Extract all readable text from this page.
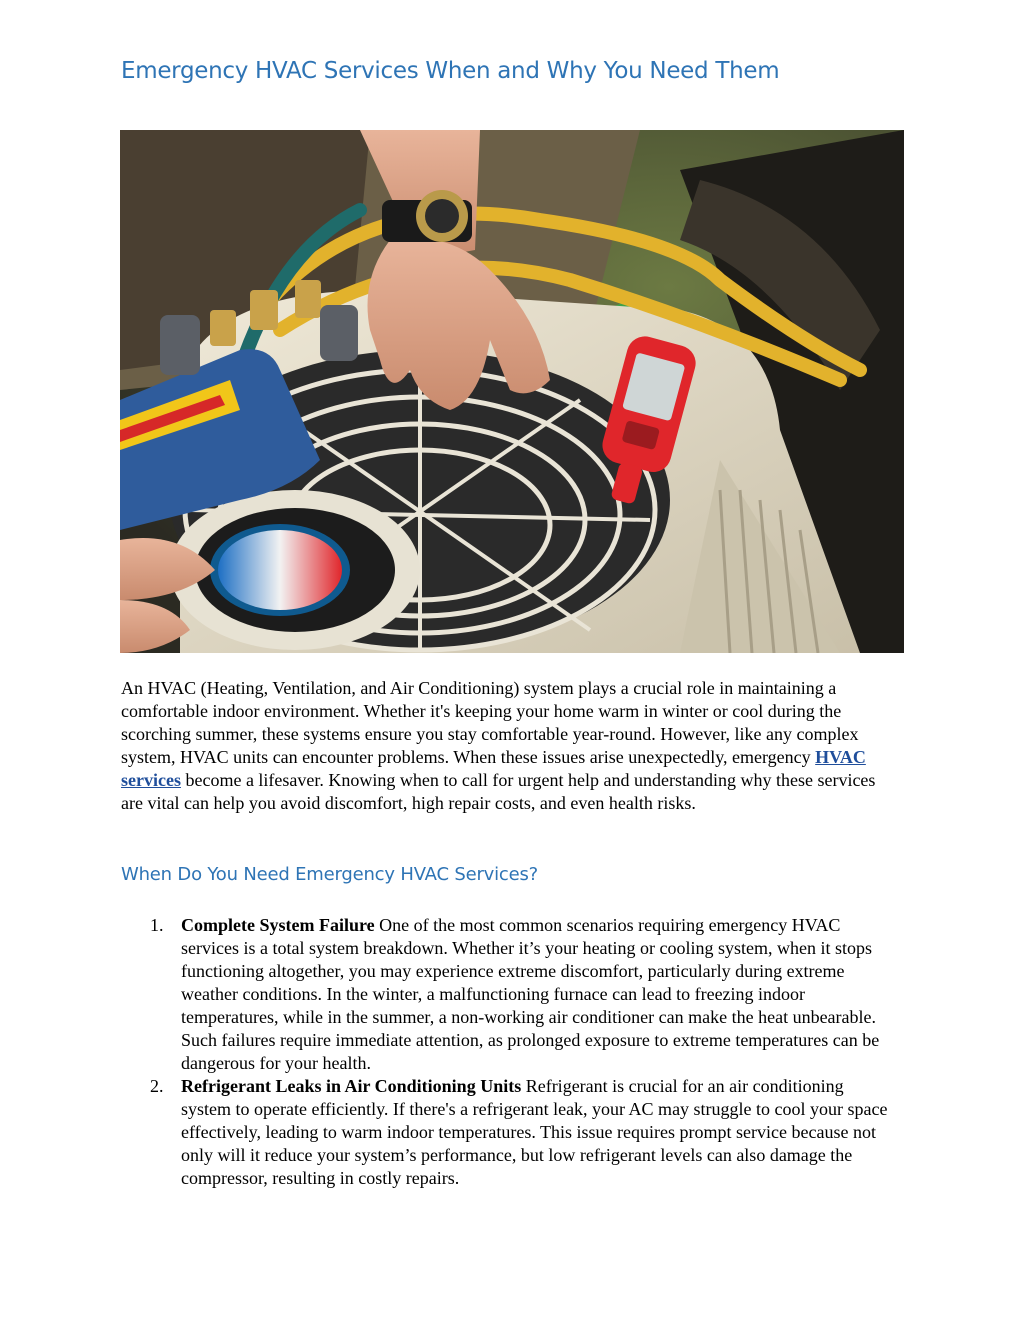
Emergency HVAC Services When and Why You Need Them

An HVAC (Heating, Ventilation, and Air Conditioning) system plays a crucial role in maintaining a comfortable indoor environment. Whether it's keeping your home warm in winter or cool during the scorching summer, these systems ensure you stay comfortable year-round. However, like any complex system, HVAC units can encounter problems. When these issues arise unexpectedly, emergency HVAC services become a lifesaver. Knowing when to call for urgent help and understanding why these services are vital can help you avoid discomfort, high repair costs, and even health risks.

When Do You Need Emergency HVAC Services?
1. Complete System Failure One of the most common scenarios requiring emergency HVAC services is a total system breakdown. Whether it’s your heating or cooling system, when it stops functioning altogether, you may experience extreme discomfort, particularly during extreme weather conditions. In the winter, a malfunctioning furnace can lead to freezing indoor temperatures, while in the summer, a non-working air conditioner can make the heat unbearable. Such failures require immediate attention, as prolonged exposure to extreme temperatures can be dangerous for your health.
2. Refrigerant Leaks in Air Conditioning Units Refrigerant is crucial for an air conditioning system to operate efficiently. If there's a refrigerant leak, your AC may struggle to cool your space effectively, leading to warm indoor temperatures. This issue requires prompt service because not only will it reduce your system’s performance, but low refrigerant levels can also damage the compressor, resulting in costly repairs.
